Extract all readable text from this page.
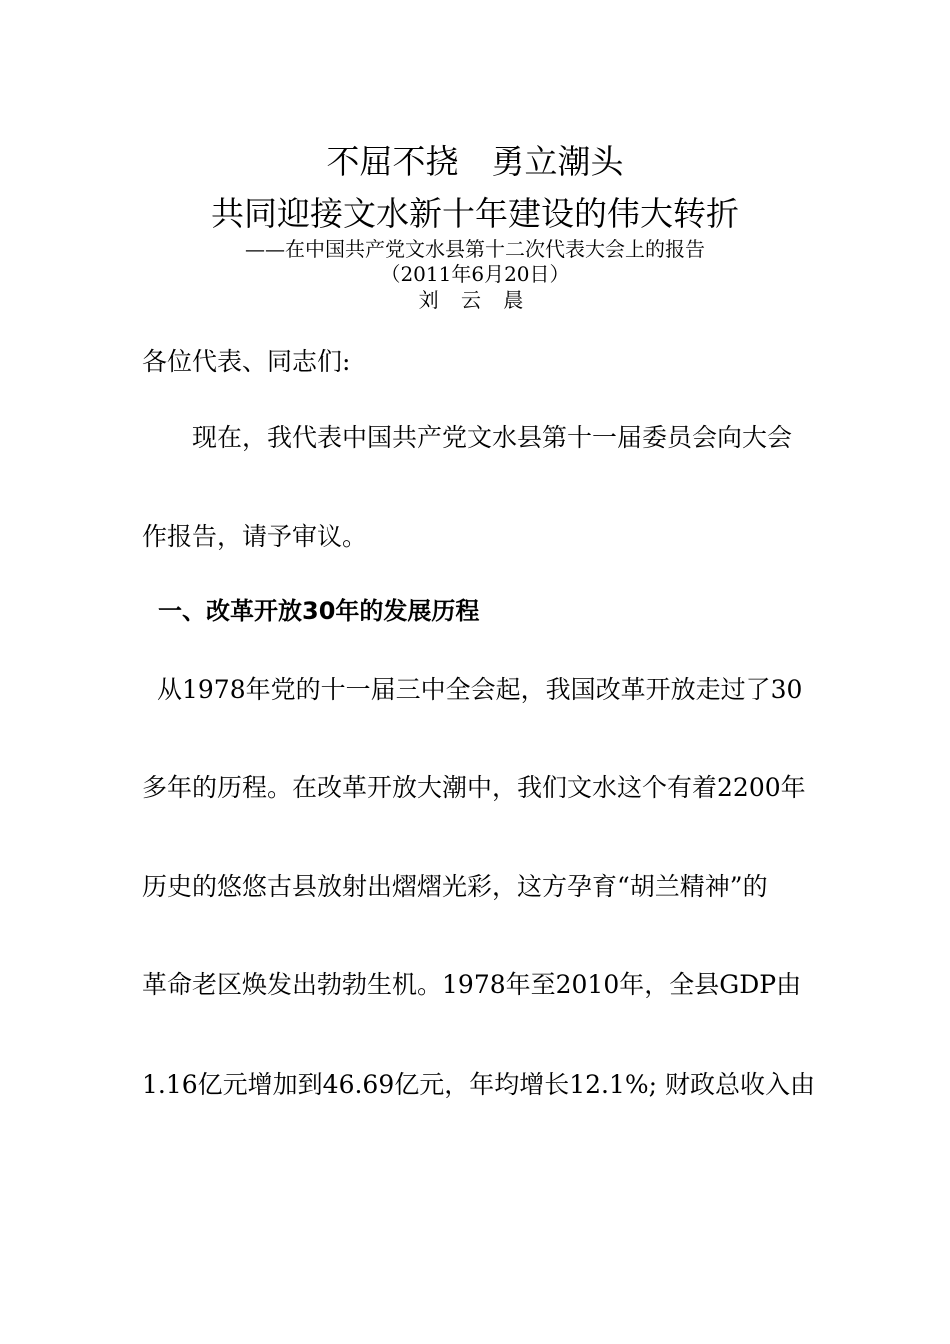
不屈不挠　勇立潮头
共同迎接文水新十年建设的伟大转折
——在中国共产党文水县第十二次代表大会上的报告
（2011年6月20日）
刘 云 晨
各位代表、同志们:
现在，我代表中国共产党文水县第十一届委员会向大会
作报告，请予审议。
一、改革开放30年的发展历程
从1978年党的十一届三中全会起，我国改革开放走过了30
多年的历程。在改革开放大潮中，我们文水这个有着2200年
历史的悠悠古县放射出熠熠光彩，这方孕育“胡兰精神”的
革命老区焕发出勃勃生机。1978年至2010年，全县GDP由
1.16亿元增加到46.69亿元，年均增长12.1%; 财政总收入由
